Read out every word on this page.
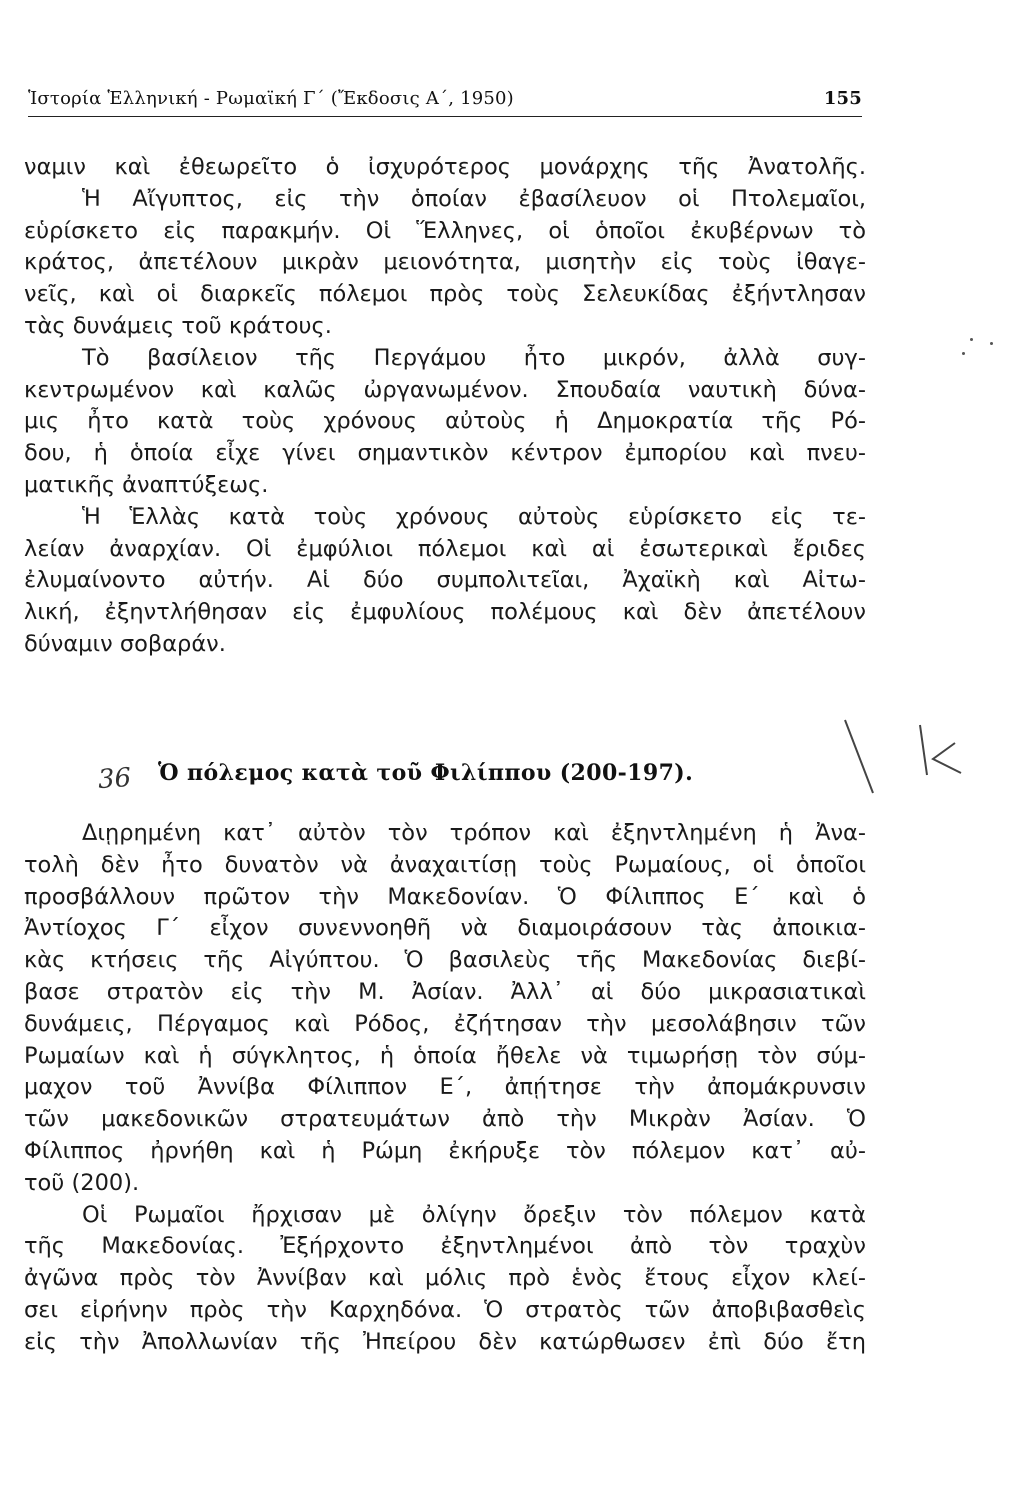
Ἱστορία Ἑλληνική - Ρωμαϊκή Γ΄ (Ἔκδοσις Α΄, 1950)	155
ναμιν καὶ ἐθεωρεῖτο ὁ ἰσχυρότερος μονάρχης τῆς Ἀνατολῆς.
Ἡ Αἴγυπτος, εἰς τὴν ὁποίαν ἐβασίλευον οἱ Πτολεμαῖοι,
εὑρίσκετο εἰς παρακμήν. Οἱ Ἕλληνες, οἱ ὁποῖοι ἐκυβέρνων τὸ
κράτος, ἀπετέλουν μικρὰν μειονότητα, μισητὴν εἰς τοὺς ἰθαγε-
νεῖς, καὶ οἱ διαρκεῖς πόλεμοι πρὸς τοὺς Σελευκίδας ἐξήντλησαν
τὰς δυνάμεις τοῦ κράτους.
Τὸ βασίλειον τῆς Περγάμου ἦτο μικρόν, ἀλλὰ συγ-
κεντρωμένον καὶ καλῶς ὠργανωμένον. Σπουδαία ναυτικὴ δύνα-
μις ἦτο κατὰ τοὺς χρόνους αὐτοὺς ἡ Δημοκρατία τῆς Ρό-
δου, ἡ ὁποία εἶχε γίνει σημαντικὸν κέντρον ἐμπορίου καὶ πνευ-
ματικῆς ἀναπτύξεως.
Ἡ Ἑλλὰς κατὰ τοὺς χρόνους αὐτοὺς εὑρίσκετο εἰς τε-
λείαν ἀναρχίαν. Οἱ ἐμφύλιοι πόλεμοι καὶ αἱ ἐσωτερικαὶ ἔριδες
ἐλυμαίνοντο αὐτήν. Αἱ δύο συμπολιτεῖαι, Ἀχαϊκὴ καὶ Αἰτω-
λική, ἐξηντλήθησαν εἰς ἐμφυλίους πολέμους καὶ δὲν ἀπετέλουν
δύναμιν σοβαράν.
36	Ὁ πόλεμος κατὰ τοῦ Φιλίππου (200-197).
Διῃρημένη κατ᾽ αὐτὸν τὸν τρόπον καὶ ἐξηντλημένη ἡ Ἀνα-
τολὴ δὲν ἦτο δυνατὸν νὰ ἀναχαιτίσῃ τοὺς Ρωμαίους, οἱ ὁποῖοι
προσβάλλουν πρῶτον τὴν Μακεδονίαν. Ὁ Φίλιππος Ε΄ καὶ ὁ
Ἀντίοχος Γ΄ εἶχον συνεννοηθῆ νὰ διαμοιράσουν τὰς ἀποικια-
κὰς κτήσεις τῆς Αἰγύπτου. Ὁ βασιλεὺς τῆς Μακεδονίας διεβί-
βασε στρατὸν εἰς τὴν Μ. Ἀσίαν. Ἀλλ᾽ αἱ δύο μικρασιατικαὶ
δυνάμεις, Πέργαμος καὶ Ρόδος, ἐζήτησαν τὴν μεσολάβησιν τῶν
Ρωμαίων καὶ ἡ σύγκλητος, ἡ ὁποία ἤθελε νὰ τιμωρήσῃ τὸν σύμ-
μαχον τοῦ Ἀννίβα Φίλιππον Ε΄, ἀπῄτησε τὴν ἀπομάκρυνσιν
τῶν μακεδονικῶν στρατευμάτων ἀπὸ τὴν Μικρὰν Ἀσίαν. Ὁ
Φίλιππος ἠρνήθη καὶ ἡ Ρώμη ἐκήρυξε τὸν πόλεμον κατ᾽ αὐ-
τοῦ (200).
Οἱ Ρωμαῖοι ἤρχισαν μὲ ὀλίγην ὄρεξιν τὸν πόλεμον κατὰ
τῆς Μακεδονίας. Ἐξήρχοντο ἐξηντλημένοι ἀπὸ τὸν τραχὺν
ἀγῶνα πρὸς τὸν Ἀννίβαν καὶ μόλις πρὸ ἑνὸς ἔτους εἶχον κλεί-
σει εἰρήνην πρὸς τὴν Καρχηδόνα. Ὁ στρατὸς τῶν ἀποβιβασθεὶς
εἰς τὴν Ἀπολλωνίαν τῆς Ἠπείρου δὲν κατώρθωσεν ἐπὶ δύο ἔτη
